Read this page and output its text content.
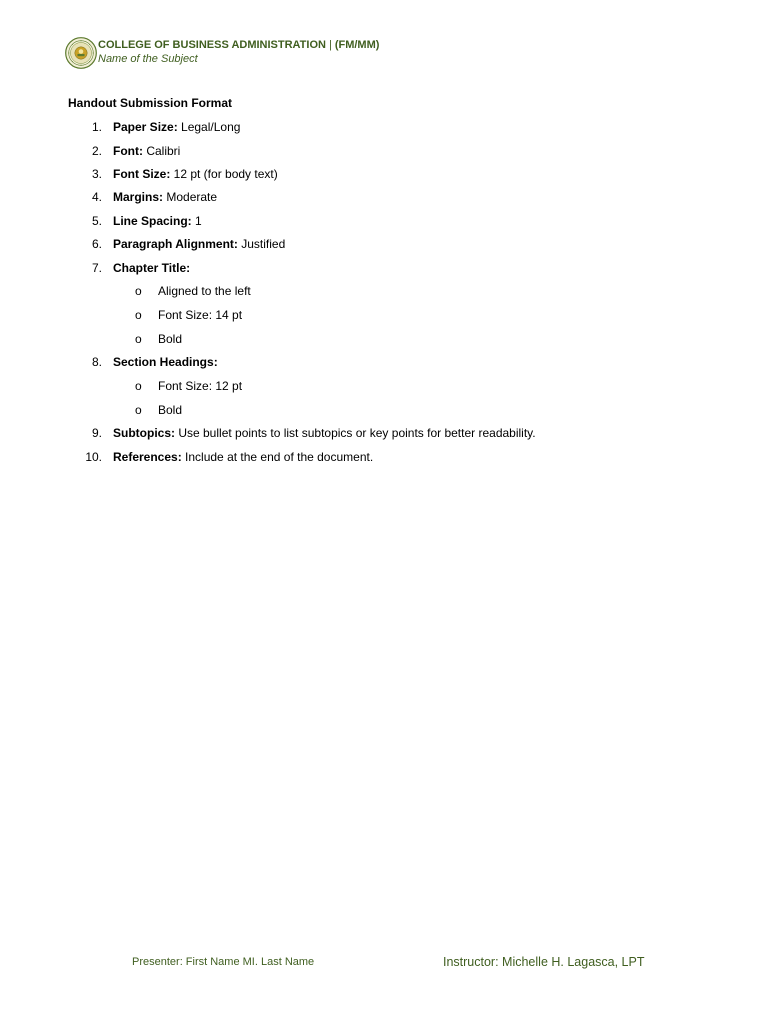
COLLEGE OF BUSINESS ADMINISTRATION | (FM/MM)
Name of the Subject
Handout Submission Format
1. Paper Size: Legal/Long
2. Font: Calibri
3. Font Size: 12 pt (for body text)
4. Margins: Moderate
5. Line Spacing: 1
6. Paragraph Alignment: Justified
7. Chapter Title:
o Aligned to the left
o Font Size: 14 pt
o Bold
8. Section Headings:
o Font Size: 12 pt
o Bold
9. Subtopics: Use bullet points to list subtopics or key points for better readability.
10. References: Include at the end of the document.
Presenter: First Name MI. Last Name	Instructor: Michelle H. Lagasca, LPT
